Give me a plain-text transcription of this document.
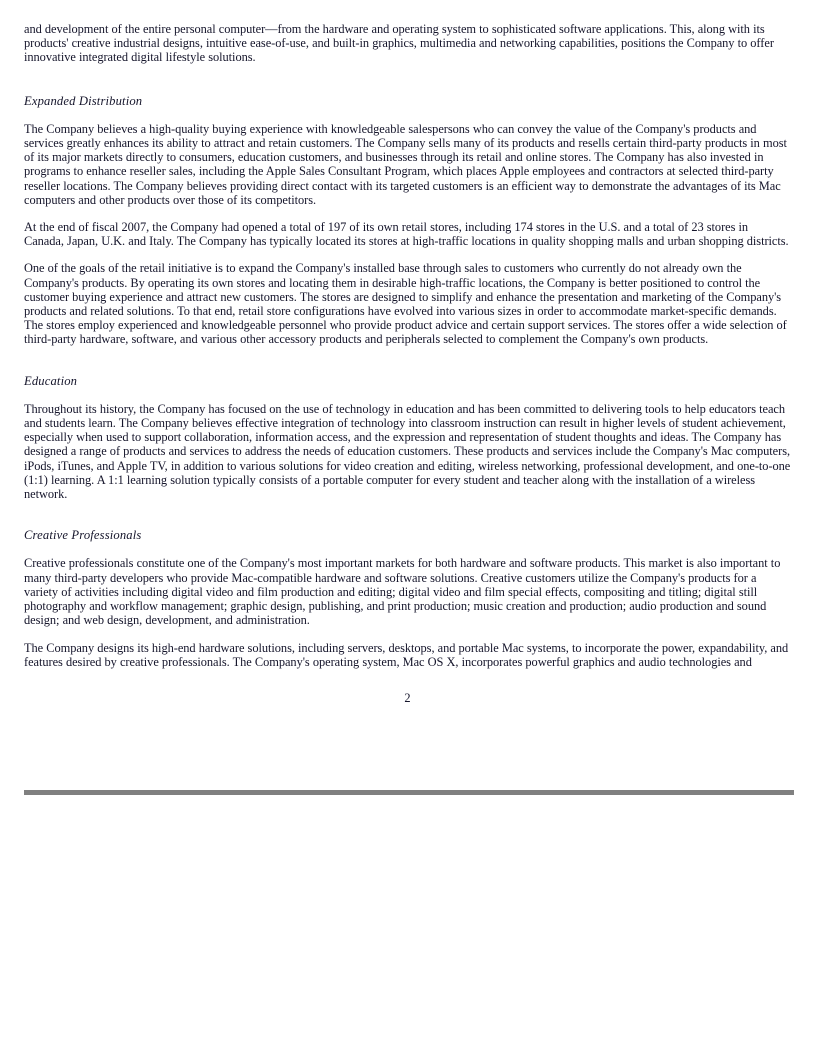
and development of the entire personal computer—from the hardware and operating system to sophisticated software applications. This, along with its products' creative industrial designs, intuitive ease-of-use, and built-in graphics, multimedia and networking capabilities, positions the Company to offer innovative integrated digital lifestyle solutions.
Expanded Distribution
The Company believes a high-quality buying experience with knowledgeable salespersons who can convey the value of the Company's products and services greatly enhances its ability to attract and retain customers. The Company sells many of its products and resells certain third-party products in most of its major markets directly to consumers, education customers, and businesses through its retail and online stores. The Company has also invested in programs to enhance reseller sales, including the Apple Sales Consultant Program, which places Apple employees and contractors at selected third-party reseller locations. The Company believes providing direct contact with its targeted customers is an efficient way to demonstrate the advantages of its Mac computers and other products over those of its competitors.
At the end of fiscal 2007, the Company had opened a total of 197 of its own retail stores, including 174 stores in the U.S. and a total of 23 stores in Canada, Japan, U.K. and Italy. The Company has typically located its stores at high-traffic locations in quality shopping malls and urban shopping districts.
One of the goals of the retail initiative is to expand the Company's installed base through sales to customers who currently do not already own the Company's products. By operating its own stores and locating them in desirable high-traffic locations, the Company is better positioned to control the customer buying experience and attract new customers. The stores are designed to simplify and enhance the presentation and marketing of the Company's products and related solutions. To that end, retail store configurations have evolved into various sizes in order to accommodate market-specific demands. The stores employ experienced and knowledgeable personnel who provide product advice and certain support services. The stores offer a wide selection of third-party hardware, software, and various other accessory products and peripherals selected to complement the Company's own products.
Education
Throughout its history, the Company has focused on the use of technology in education and has been committed to delivering tools to help educators teach and students learn. The Company believes effective integration of technology into classroom instruction can result in higher levels of student achievement, especially when used to support collaboration, information access, and the expression and representation of student thoughts and ideas. The Company has designed a range of products and services to address the needs of education customers. These products and services include the Company's Mac computers, iPods, iTunes, and Apple TV, in addition to various solutions for video creation and editing, wireless networking, professional development, and one-to-one (1:1) learning. A 1:1 learning solution typically consists of a portable computer for every student and teacher along with the installation of a wireless network.
Creative Professionals
Creative professionals constitute one of the Company's most important markets for both hardware and software products. This market is also important to many third-party developers who provide Mac-compatible hardware and software solutions. Creative customers utilize the Company's products for a variety of activities including digital video and film production and editing; digital video and film special effects, compositing and titling; digital still photography and workflow management; graphic design, publishing, and print production; music creation and production; audio production and sound design; and web design, development, and administration.
The Company designs its high-end hardware solutions, including servers, desktops, and portable Mac systems, to incorporate the power, expandability, and features desired by creative professionals. The Company's operating system, Mac OS X, incorporates powerful graphics and audio technologies and
2
